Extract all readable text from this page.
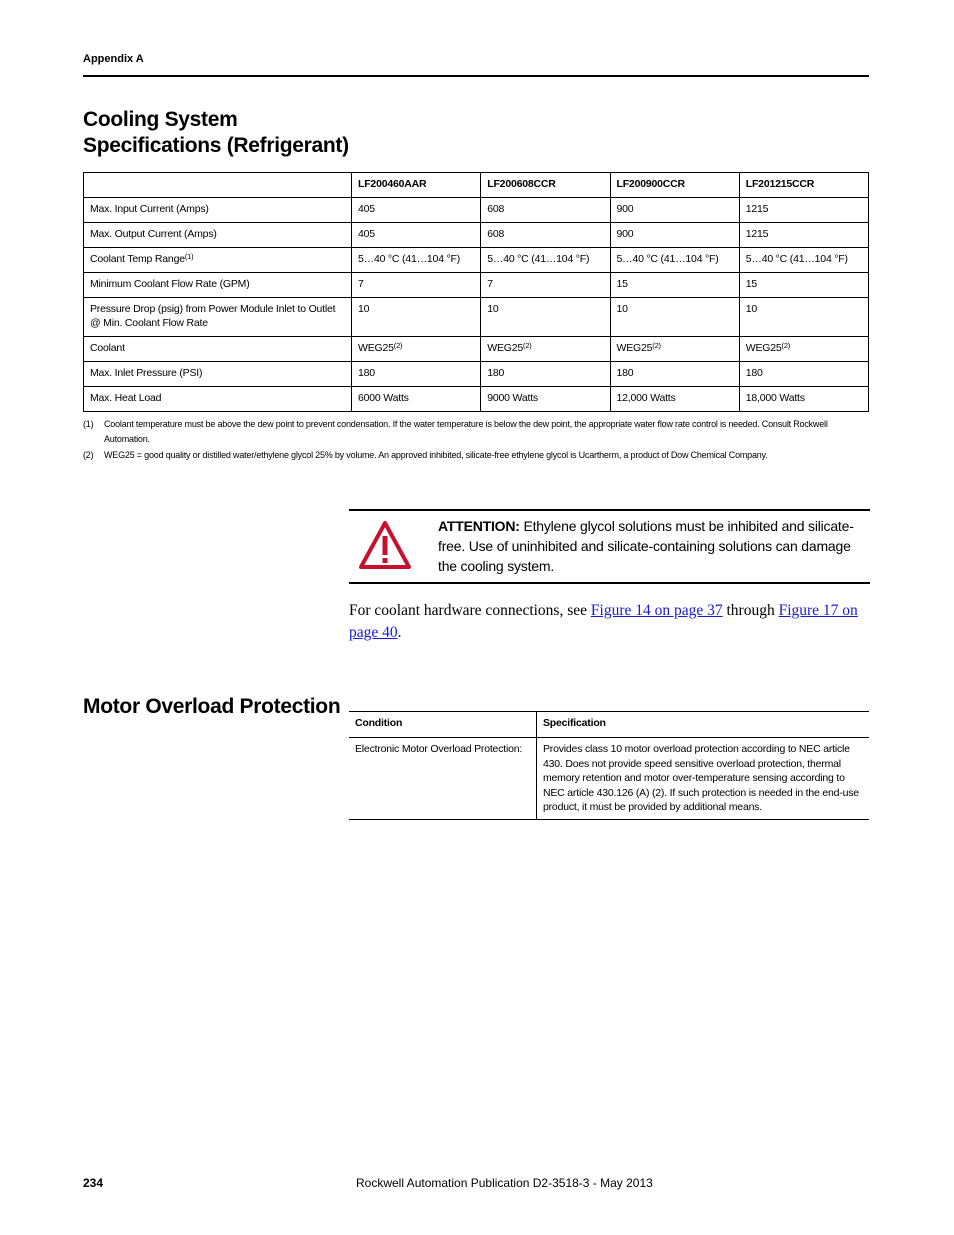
Appendix A
Cooling System
Specifications (Refrigerant)
	LF200460AAR	LF200608CCR	LF200900CCR	LF201215CCR
Max. Input Current (Amps)	405	608	900	1215
Max. Output Current (Amps)	405	608	900	1215
Coolant Temp Range$^{(1)}$	5…40 °C (41…104 °F)	5…40 °C (41…104 °F)	5…40 °C (41…104 °F)	5…40 °C (41…104 °F)
Minimum Coolant Flow Rate (GPM)	7	7	15	15
Pressure Drop (psig) from Power Module Inlet to Outlet @ Min. Coolant Flow Rate	10	10	10	10
Coolant	WEG25$^{(2)}$	WEG25$^{(2)}$	WEG25$^{(2)}$	WEG25$^{(2)}$
Max. Inlet Pressure (PSI)	180	180	180	180
Max. Heat Load	6000 Watts	9000 Watts	12,000 Watts	18,000 Watts
(1) Coolant temperature must be above the dew point to prevent condensation. If the water temperature is below the dew point, the appropriate water flow rate control is needed. Consult Rockwell Automation.
(2) WEG25 = good quality or distilled water/ethylene glycol 25% by volume. An approved inhibited, silicate-free ethylene glycol is Ucartherm, a product of Dow Chemical Company.
ATTENTION: Ethylene glycol solutions must be inhibited and silicate-free. Use of uninhibited and silicate-containing solutions can damage the cooling system.
For coolant hardware connections, see Figure 14 on page 37 through Figure 17 on page 40.
Motor Overload Protection
Condition	Specification
Electronic Motor Overload Protection:	Provides class 10 motor overload protection according to NEC article 430. Does not provide speed sensitive overload protection, thermal memory retention and motor over-temperature sensing according to NEC article 430.126 (A) (2). If such protection is needed in the end-use product, it must be provided by additional means.
234	Rockwell Automation Publication D2-3518-3 - May 2013
